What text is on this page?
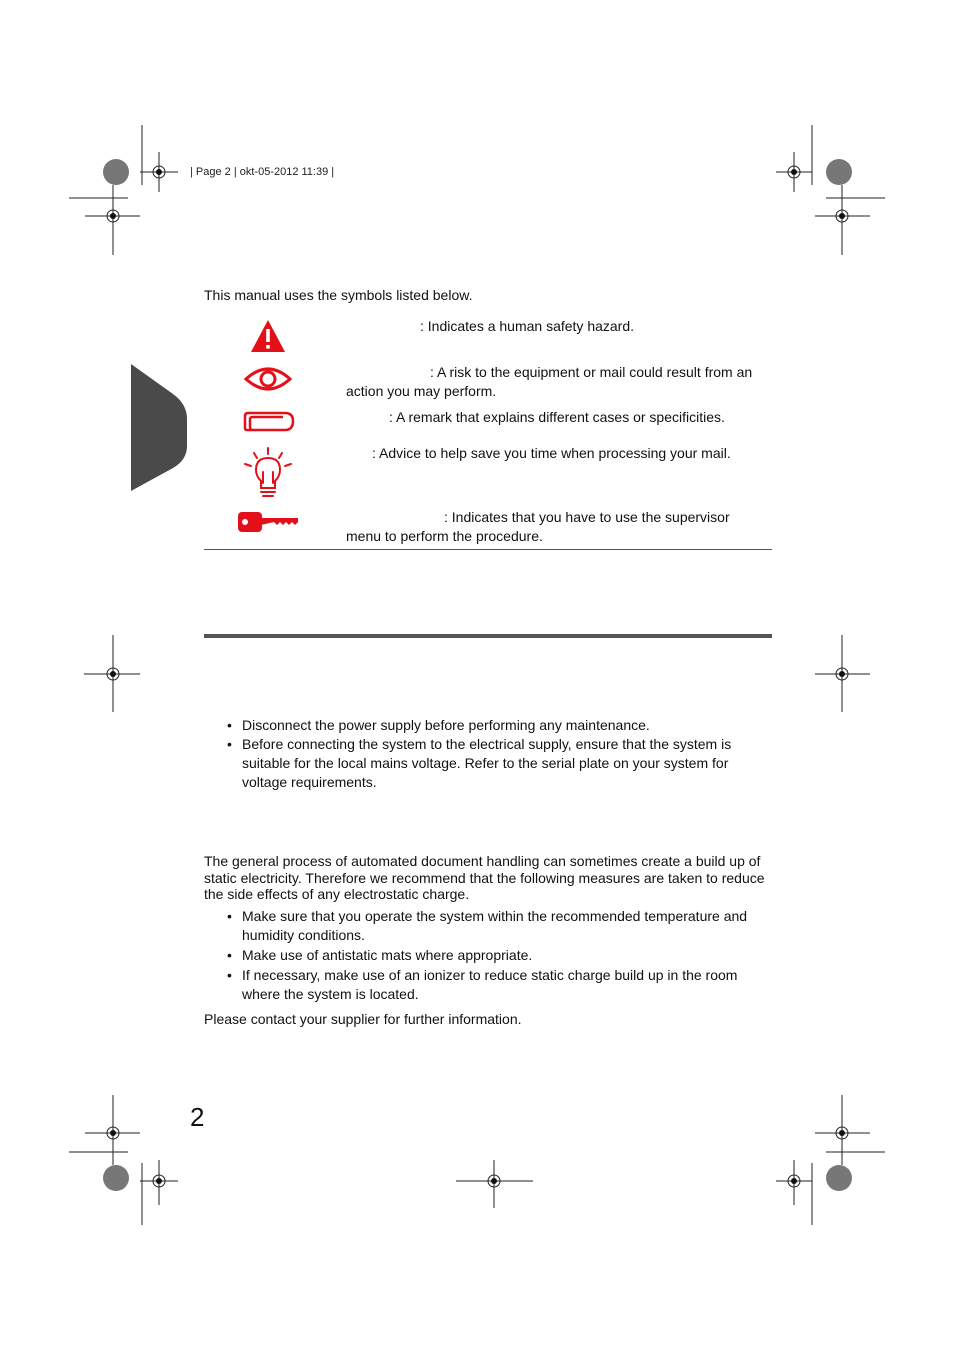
| Page 2 | okt-05-2012 11:39 |
This manual uses the symbols listed below.
: Indicates a human safety hazard.
: A risk to the equipment or mail could result from an
action you may perform.
: A remark that explains different cases or specificities.
: Advice to help save you time when processing your mail.
: Indicates that you have to use the supervisor
menu to perform the procedure.
• Disconnect the power supply before performing any maintenance.
• Before connecting the system to the electrical supply, ensure that the system is suitable for the local mains voltage. Refer to the serial plate on your system for voltage requirements.
The general process of automated document handling can sometimes create a build up of static electricity. Therefore we recommend that the following measures are taken to reduce the side effects of any electrostatic charge.
• Make sure that you operate the system within the recommended temperature and humidity conditions.
• Make use of antistatic mats where appropriate.
• If necessary, make use of an ionizer to reduce static charge build up in the room where the system is located.
Please contact your supplier for further information.
2
